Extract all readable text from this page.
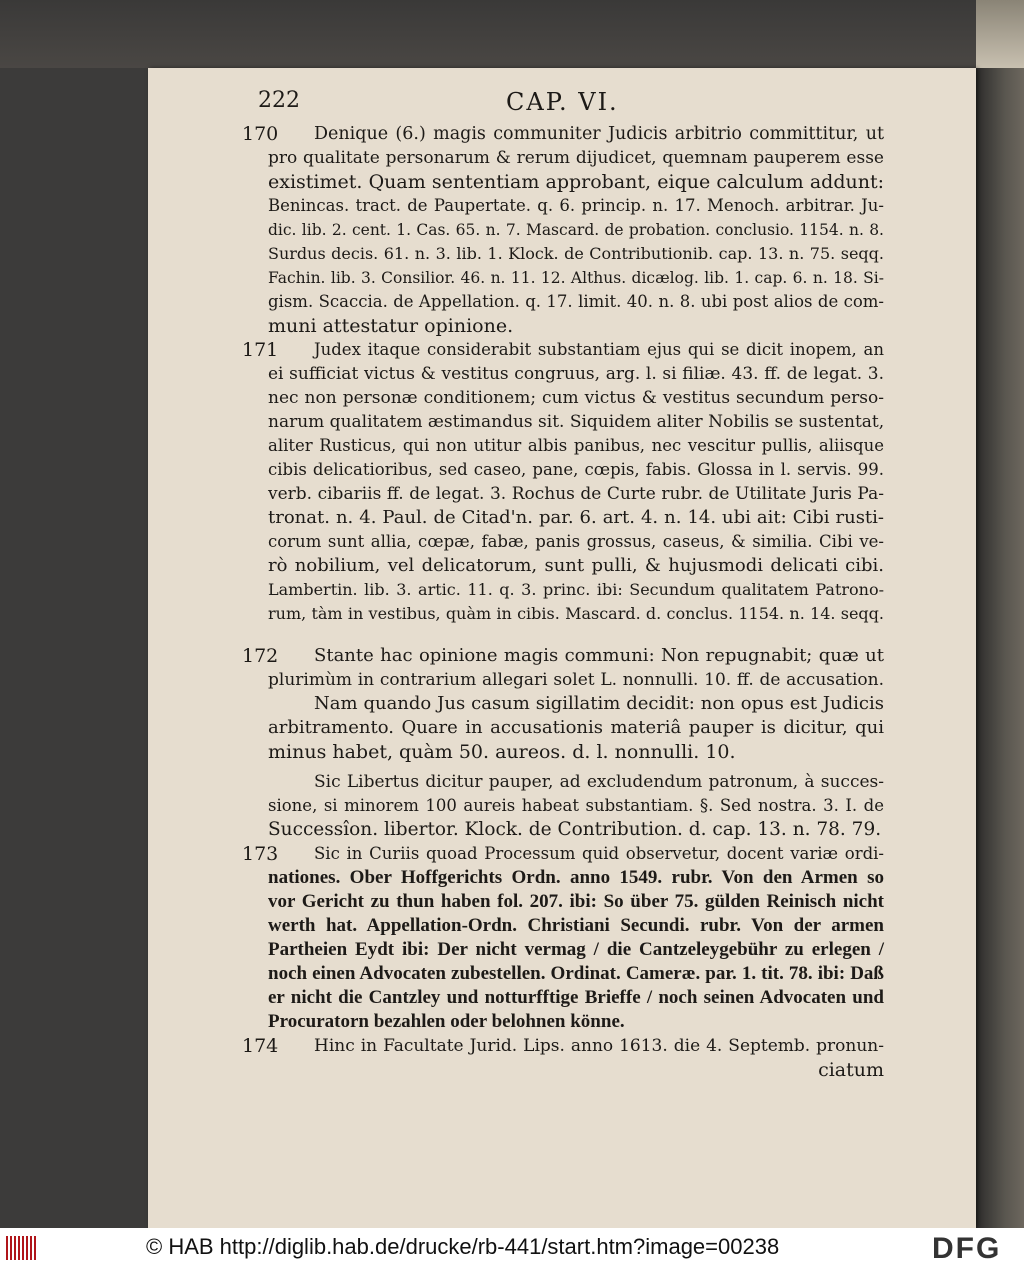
222	CAP. VI.
170
171
172
173
174
Denique (6.) magis communiter Judicis arbitrio committitur, ut
pro qualitate personarum & rerum dijudicet, quemnam pauperem esse
existimet. Quam sententiam approbant, eique calculum addunt:
Benincas. tract. de Paupertate. q. 6. princip. n. 17. Menoch. arbitrar. Ju-
dic. lib. 2. cent. 1. Cas. 65. n. 7. Mascard. de probation. conclusio. 1154. n. 8.
Surdus decis. 61. n. 3. lib. 1. Klock. de Contributionib. cap. 13. n. 75. seqq.
Fachin. lib. 3. Consilior. 46. n. 11. 12. Althus. dicælog. lib. 1. cap. 6. n. 18. Si-
gism. Scaccia. de Appellation. q. 17. limit. 40. n. 8. ubi post alios de com-
muni attestatur opinione.
Judex itaque considerabit substantiam ejus qui se dicit inopem, an
ei sufficiat victus & vestitus congruus, arg. l. si filiæ. 43. ff. de legat. 3.
nec non personæ conditionem; cum victus & vestitus secundum perso-
narum qualitatem æstimandus sit. Siquidem aliter Nobilis se sustentat,
aliter Rusticus, qui non utitur albis panibus, nec vescitur pullis, aliisque
cibis delicatioribus, sed caseo, pane, cœpis, fabis. Glossa in l. servis. 99.
verb. cibariis ff. de legat. 3. Rochus de Curte rubr. de Utilitate Juris Pa-
tronat. n. 4. Paul. de Citad'n. par. 6. art. 4. n. 14. ubi ait: Cibi rusti-
corum sunt allia, cœpæ, fabæ, panis grossus, caseus, & similia. Cibi ve-
rò nobilium, vel delicatorum, sunt pulli, & hujusmodi delicati cibi.
Lambertin. lib. 3. artic. 11. q. 3. princ. ibi: Secundum qualitatem Patrono-
rum, tàm in vestibus, quàm in cibis. Mascard. d. conclus. 1154. n. 14. seqq.
Stante hac opinione magis communi: Non repugnabit; quæ ut
plurimùm in contrarium allegari solet L. nonnulli. 10. ff. de accusation.
Nam quando Jus casum sigillatim decidit: non opus est Judicis
arbitramento. Quare in accusationis materiâ pauper is dicitur, qui
minus habet, quàm 50. aureos. d. l. nonnulli. 10.
Sic Libertus dicitur pauper, ad excludendum patronum, à succes-
sione, si minorem 100 aureis habeat substantiam. §. Sed nostra. 3. I. de
Successîon. libertor. Klock. de Contribution. d. cap. 13. n. 78. 79.
Sic in Curiis quoad Processum quid observetur, docent variæ ordi-
nationes. Ober Hoffgerichts Ordn. anno 1549. rubr. Von den Armen so
vor Gericht zu thun haben fol. 207. ibi: So über 75. gülden Reinisch nicht
werth hat. Appellation-Ordn. Christiani Secundi. rubr. Von der armen
Partheien Eydt ibi: Der nicht vermag / die Cantzeleygebühr zu erlegen /
noch einen Advocaten zubestellen. Ordinat. Cameræ. par. 1. tit. 78. ibi: Daß
er nicht die Cantzley und notturfftige Brieffe / noch seinen Advocaten und
Procuratorn bezahlen oder belohnen könne.
Hinc in Facultate Jurid. Lips. anno 1613. die 4. Septemb. pronun-
ciatum
© HAB http://diglib.hab.de/drucke/rb-441/start.htm?image=00238	DFG
